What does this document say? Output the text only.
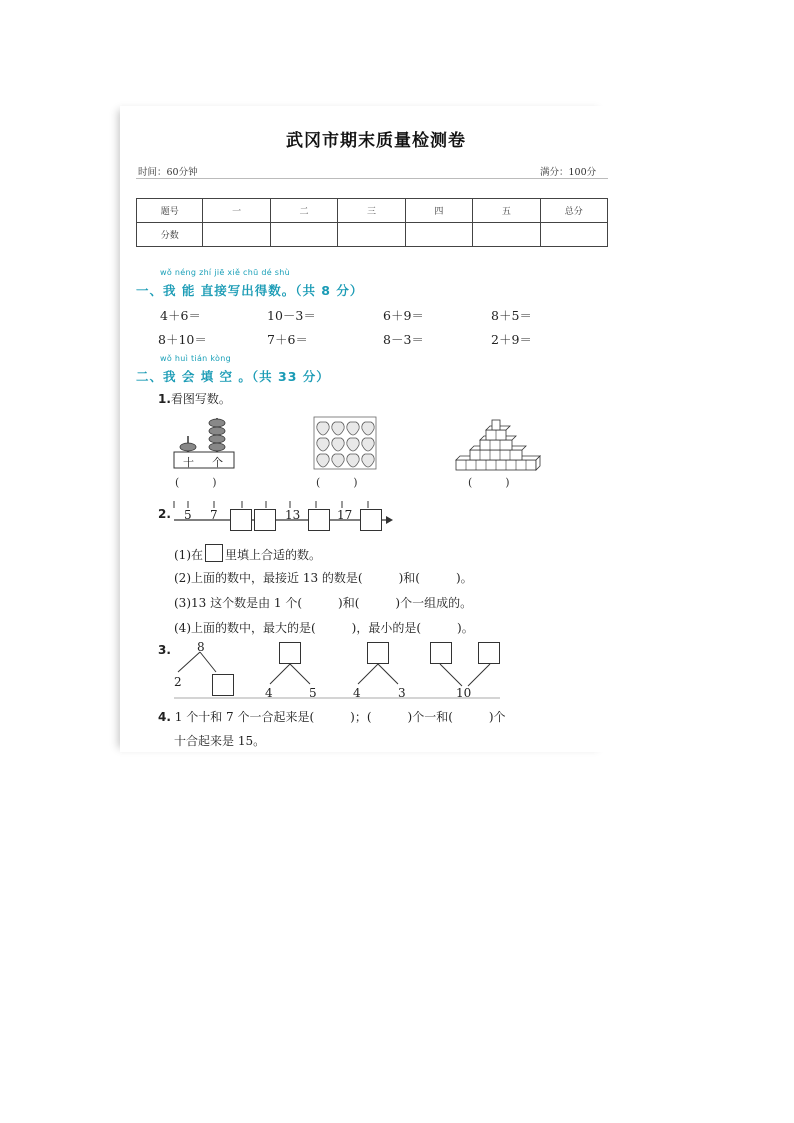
武冈市期末质量检测卷
时间：60分钟	满分：100分
题号	一	二	三	四	五	总分
分数						
wǒ néng zhí jiē xiě chū dé shù
一、我 能 直接写出得数。（共 8 分）
4＋6＝	10－3＝	6＋9＝	8＋5＝
8＋10＝	7＋6＝	8－3＝	2＋9＝
wǒ huì tián kòng
二、我 会 填 空 。（共 33 分）
1.看图写数。
十 个
(　　　)	(　　　)	(　　　)
2. 5 7	13	17
(1)在 里填上合适的数。
(2)上面的数中，最接近 13 的数是(　　　)和(　　　)。
(3)13 这个数是由 1 个(　　　)和(　　　)个一组成的。
(4)上面的数中，最大的是(　　　)，最小的是(　　　)。
3. 8
2
4	5	4	3	10
4. 1 个十和 7 个一合起来是(　　　)；(　　　)个一和(　　　)个
十合起来是 15。
